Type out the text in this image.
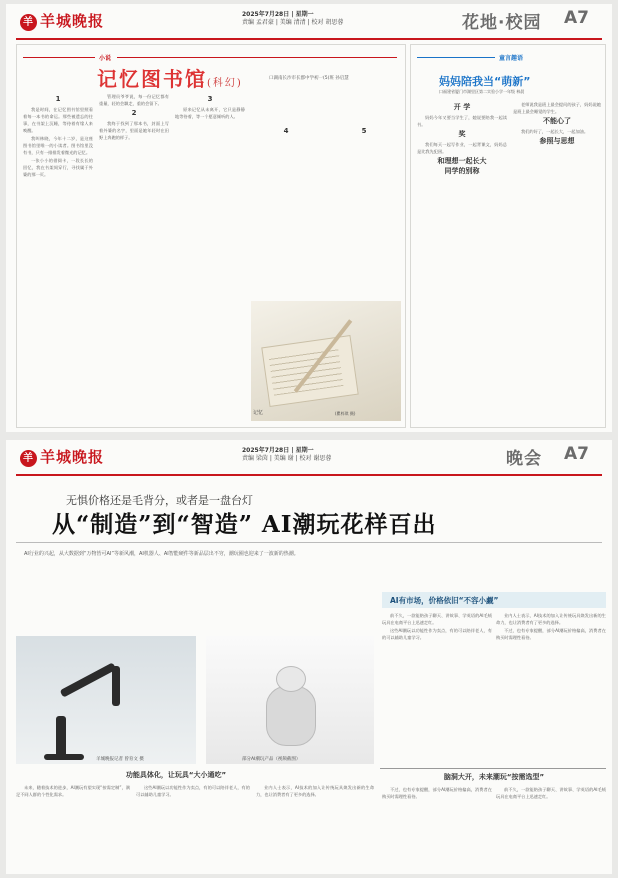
羊 羊城晚报	2025年7月28日 | 星期一
责编 孟君豪 | 美编 清清 | 校对 胡思蓉	花地·校园 A7
小说
记忆图书馆(科幻)	口湖南长沙市长郡中学初一(5)班 孙启慧

1

我是时间，在记忆图书馆里照看着每一本书的命运。那些被遗忘的往事，在书架上沉睡，等待着有缘人来唤醒。

我叫林晓，今年十二岁，是这座图书馆里唯一的小读者。图书馆里没有书，只有一排排发着微光的记忆。

一张小小的借阅卡，一段长长的回忆，我在书架间穿行，寻找属于外婆的那一页。

管理员爷爷说，每一份记忆都有重量，轻的会飘走，重的会留下。

2

我终于找到了那本书，封面上写着外婆的名字，里面是她年轻时在田野上奔跑的样子。

3

原来记忆从未离开，它只是静静地等待着，等一个愿意倾听的人。

4	5

记忆	(瞿梓琪 摄)
童言趣语
妈妈陪我当“萌新”
口福建省厦门市湖里区第二实验小学一年级 林晨

开 学

妈妈今年又要当学生了，她说要陪我一起读书。

奖

我们每天一起写作业，一起背课文，妈妈总是比我先犯困。

和理想一起长大

同学的别称

老师说我是班上最会提问的孩子，妈妈说她是班上最会睡觉的学生。

不能心了

我们约好了，一起长大，一起加油。

参照与思想

羊 羊城晚报	2025年7月28日 | 星期一
责编 梁茵 | 美编 谢 | 校对 谢思蓉	晚会 A7
无惧价格还是毛背分，或者是一盘台灯
从“制造”到“智造” AI潮玩花样百出

AI行业的兴起，从大数据到“万物皆可AI”等新风潮，AI机器人、AI智能硬件等新品层出不穷，潮玩圈也迎来了一波新的热潮。

AI有市场，价格依旧“不容小觑”

前不久，一款能陪孩子聊天、讲故事、学英语的AI毛绒玩具在电商平台上迅速走红。

这些AI潮玩以功能性作为卖点，有的可以陪伴老人，有的可以辅助儿童学习。

业内人士表示，AI技术的加入让传统玩具焕发出新的生命力，也让消费者有了更多的选择。

不过，也有专家提醒，部分AI潮玩价格偏高，消费者在购买时需理性看待。

羊城晚报记者 曾育文 摄	部分AI潮玩产品（视频截图）
功能具体化，让玩具“大小通吃”

未来，随着技术的进步，AI潮玩有望实现“按需定制”，满足不同人群的个性化需求。

这些AI潮玩以功能性作为卖点，有的可以陪伴老人，有的可以辅助儿童学习。

业内人士表示，AI技术的加入让传统玩具焕发出新的生命力，也让消费者有了更多的选择。

脑洞大开，未来潮玩“按需选型”

不过，也有专家提醒，部分AI潮玩价格偏高，消费者在购买时需理性看待。

前不久，一款能陪孩子聊天、讲故事、学英语的AI毛绒玩具在电商平台上迅速走红。
